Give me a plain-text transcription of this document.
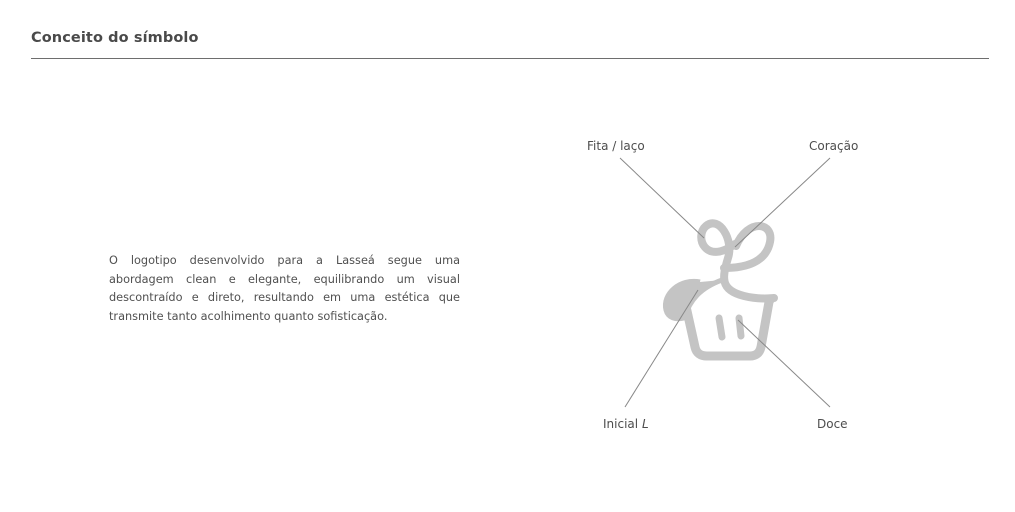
Conceito do símbolo

O logotipo desenvolvido para a Lasseá segue uma abordagem clean e elegante, equilibrando um visual descontraído e direto, resultando em uma estética que transmite tanto acolhimento quanto sofisticação.

Fita / laço	Coração
Inicial L	Doce
